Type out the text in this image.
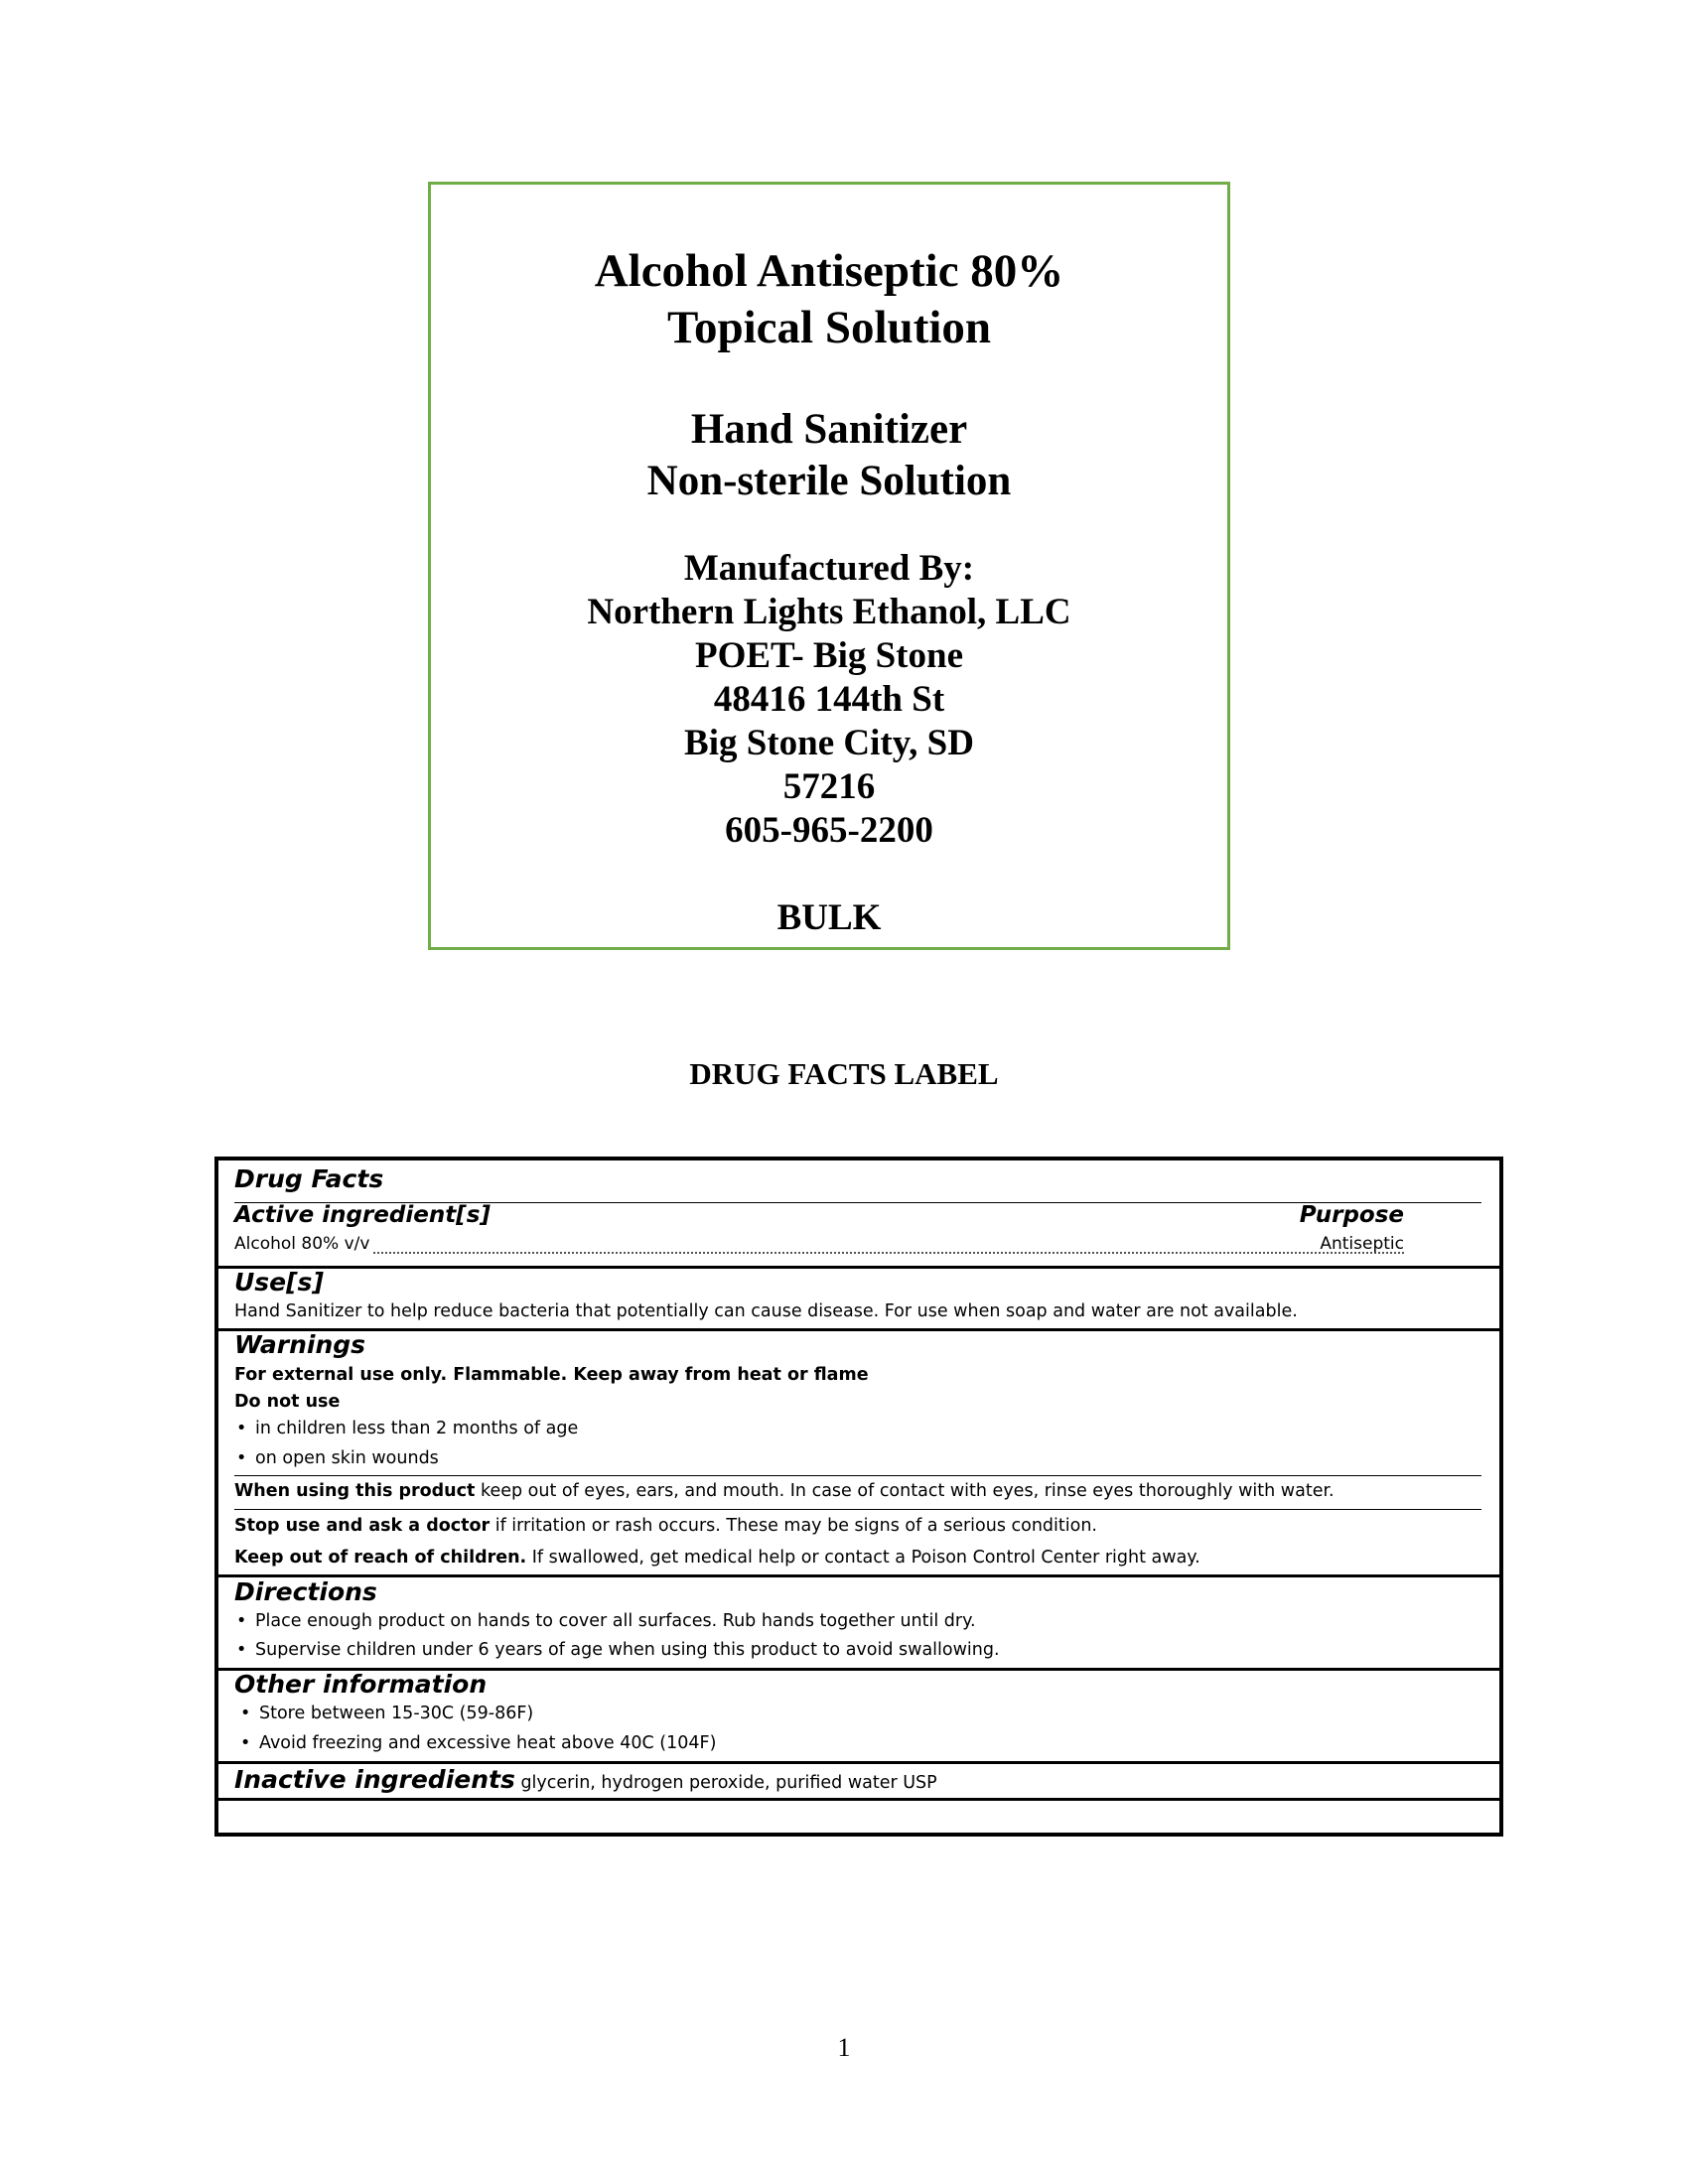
Alcohol Antiseptic 80%
Topical Solution
Hand Sanitizer
Non-sterile Solution
Manufactured By:
Northern Lights Ethanol, LLC
POET- Big Stone
48416 144th St
Big Stone City, SD
57216
605-965-2200
BULK
DRUG FACTS LABEL
Drug Facts
Active ingredient[s]	Purpose
Alcohol 80% v/v	Antiseptic
Use[s]
Hand Sanitizer to help reduce bacteria that potentially can cause disease. For use when soap and water are not available.
Warnings
For external use only. Flammable. Keep away from heat or flame
Do not use
• in children less than 2 months of age
• on open skin wounds
When using this product keep out of eyes, ears, and mouth. In case of contact with eyes, rinse eyes thoroughly with water.
Stop use and ask a doctor if irritation or rash occurs. These may be signs of a serious condition.
Keep out of reach of children. If swallowed, get medical help or contact a Poison Control Center right away.
Directions
• Place enough product on hands to cover all surfaces. Rub hands together until dry.
• Supervise children under 6 years of age when using this product to avoid swallowing.
Other information
• Store between 15-30C (59-86F)
• Avoid freezing and excessive heat above 40C (104F)
Inactive ingredients glycerin, hydrogen peroxide, purified water USP
1
